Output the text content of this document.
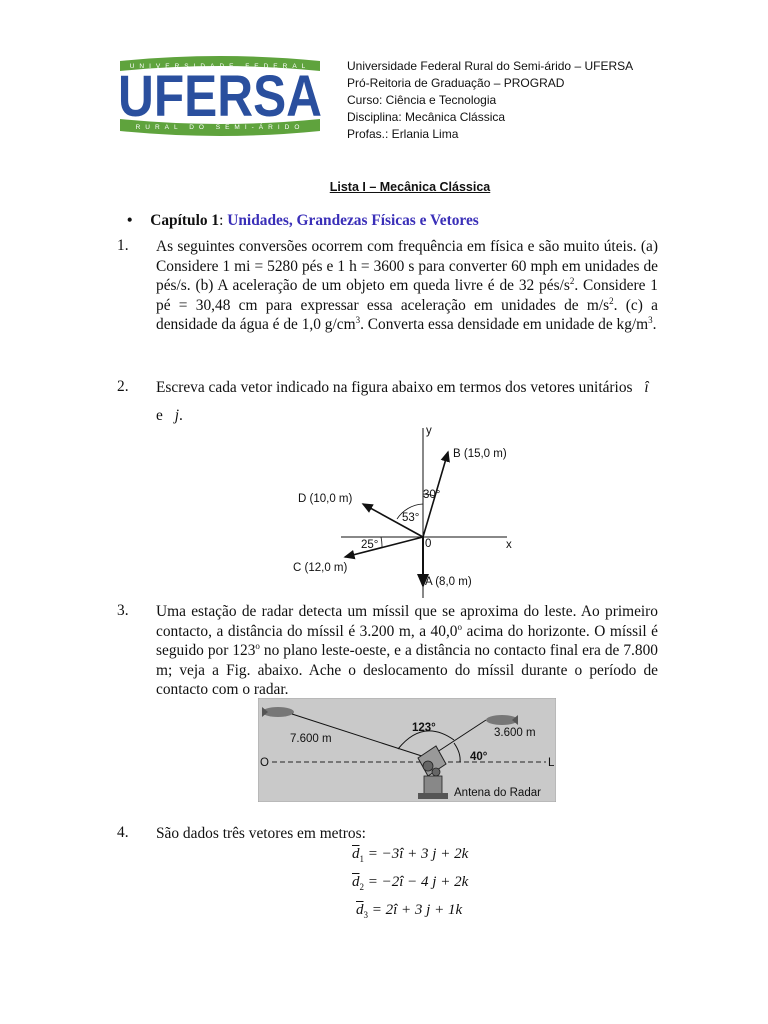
UNIVERSIDADE FEDERAL
RURAL DO SEMI-ÁRIDO
UFERSA Universidade Federal Rural do Semi-árido – UFERSA
Pró-Reitoria de Graduação – PROGRAD
Curso: Ciência e Tecnologia
Disciplina: Mecânica Clássica
Profas.: Erlania Lima
Lista I – Mecânica Clássica
• Capítulo 1: Unidades, Grandezas Físicas e Vetores
1. As seguintes conversões ocorrem com frequência em física e são muito úteis. (a) Considere 1 mi = 5280 pés e 1 h = 3600 s para converter 60 mph em unidades de pés/s. (b) A aceleração de um objeto em queda livre é de 32 pés/$s^2$. Considere 1 pé = 30,48 cm para expressar essa aceleração em unidades de $m/s^2$. (c) a densidade da água é de 1,0 $g/cm^3$. Converta essa densidade em unidade de $kg/m^3$.
2. Escreva cada vetor indicado na figura abaixo em termos dos vetores unitários î
e j.
y
x
0
B (15,0 m)
D (10,0 m)
C (12,0 m)
A (8,0 m)
30°
53°
25°
3. Uma estação de radar detecta um míssil que se aproxima do leste. Ao primeiro contacto, a distância do míssil é 3.200 m, a 40,0$^o$ acima do horizonte. O míssil é seguido por 123$^o$ no plano leste-oeste, e a distância no contacto final era de 7.800 m; veja a Fig. abaixo. Ache o deslocamento do míssil durante o período de contacto com o radar.
O	L
7.600 m	3.600 m
123°
40°
Antena do Radar
4. São dados três vetores em metros:
$\overline{d}_1$ = −3î + 3 j + 2k
$\overline{d}_2$ = −2î − 4 j + 2k
$\overline{d}_3$ = 2î + 3 j + 1k
